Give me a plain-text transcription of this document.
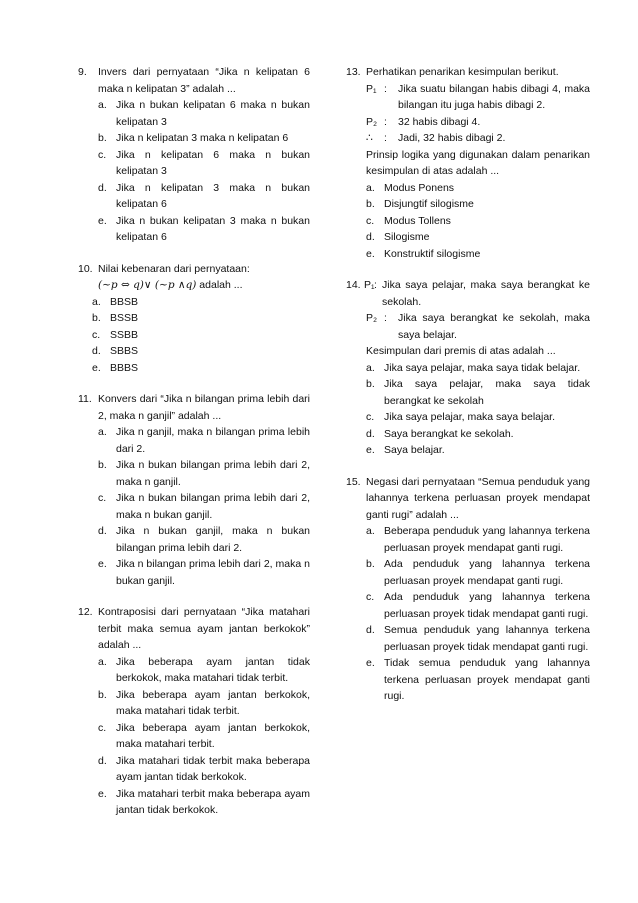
9.	Invers dari pernyataan “Jika n kelipatan 6 maka n kelipatan 3” adalah ...
a. Jika n bukan kelipatan 6 maka n bukan kelipatan 3
b. Jika n kelipatan 3 maka n kelipatan 6
c. Jika n kelipatan 6 maka n bukan kelipatan 3
d. Jika n kelipatan 3 maka n bukan kelipatan 6
e. Jika n bukan kelipatan 3 maka n bukan kelipatan 6
10. Nilai kebenaran dari pernyataan:
(∼p ⇔ q)∨ (∼p ∧q) adalah ...
a. BBSB
b. BSSB
c. SSBB
d. SBBS
e. BBBS
11. Konvers dari “Jika n bilangan prima lebih dari 2, maka n ganjil” adalah ...
a. Jika n ganjil, maka n bilangan prima lebih dari 2.
b. Jika n bukan bilangan prima lebih dari 2, maka n ganjil.
c. Jika n bukan bilangan prima lebih dari 2, maka n bukan ganjil.
d. Jika n bukan ganjil, maka n bukan bilangan prima lebih dari 2.
e. Jika n bilangan prima lebih dari 2, maka n bukan ganjil.
12. Kontraposisi dari pernyataan “Jika matahari terbit maka semua ayam jantan berkokok” adalah ...
a. Jika beberapa ayam jantan tidak berkokok, maka matahari tidak terbit.
b. Jika beberapa ayam jantan berkokok, maka matahari tidak terbit.
c. Jika beberapa ayam jantan berkokok, maka matahari terbit.
d. Jika matahari tidak terbit maka beberapa ayam jantan tidak berkokok.
e. Jika matahari terbit maka beberapa ayam jantan tidak berkokok.
13. Perhatikan penarikan kesimpulan berikut.
P₁ : Jika suatu bilangan habis dibagi 4, maka bilangan itu juga habis dibagi 2.
P₂ : 32 habis dibagi 4.
∴ : Jadi, 32 habis dibagi 2.
Prinsip logika yang digunakan dalam penarikan kesimpulan di atas adalah ...
a. Modus Ponens
b. Disjungtif silogisme
c. Modus Tollens
d. Silogisme
e. Konstruktif silogisme
14. P₁ : Jika saya pelajar, maka saya berangkat ke sekolah.
P₂ : Jika saya berangkat ke sekolah, maka saya belajar.
Kesimpulan dari premis di atas adalah ...
a. Jika saya pelajar, maka saya tidak belajar.
b. Jika saya pelajar, maka saya tidak berangkat ke sekolah
c. Jika saya pelajar, maka saya belajar.
d. Saya berangkat ke sekolah.
e. Saya belajar.
15. Negasi dari pernyataan “Semua penduduk yang lahannya terkena perluasan proyek mendapat ganti rugi” adalah ...
a. Beberapa penduduk yang lahannya terkena perluasan proyek mendapat ganti rugi.
b. Ada penduduk yang lahannya terkena perluasan proyek mendapat ganti rugi.
c. Ada penduduk yang lahannya terkena perluasan proyek tidak mendapat ganti rugi.
d. Semua penduduk yang lahannya terkena perluasan proyek tidak mendapat ganti rugi.
e. Tidak semua penduduk yang lahannya terkena perluasan proyek mendapat ganti rugi.
